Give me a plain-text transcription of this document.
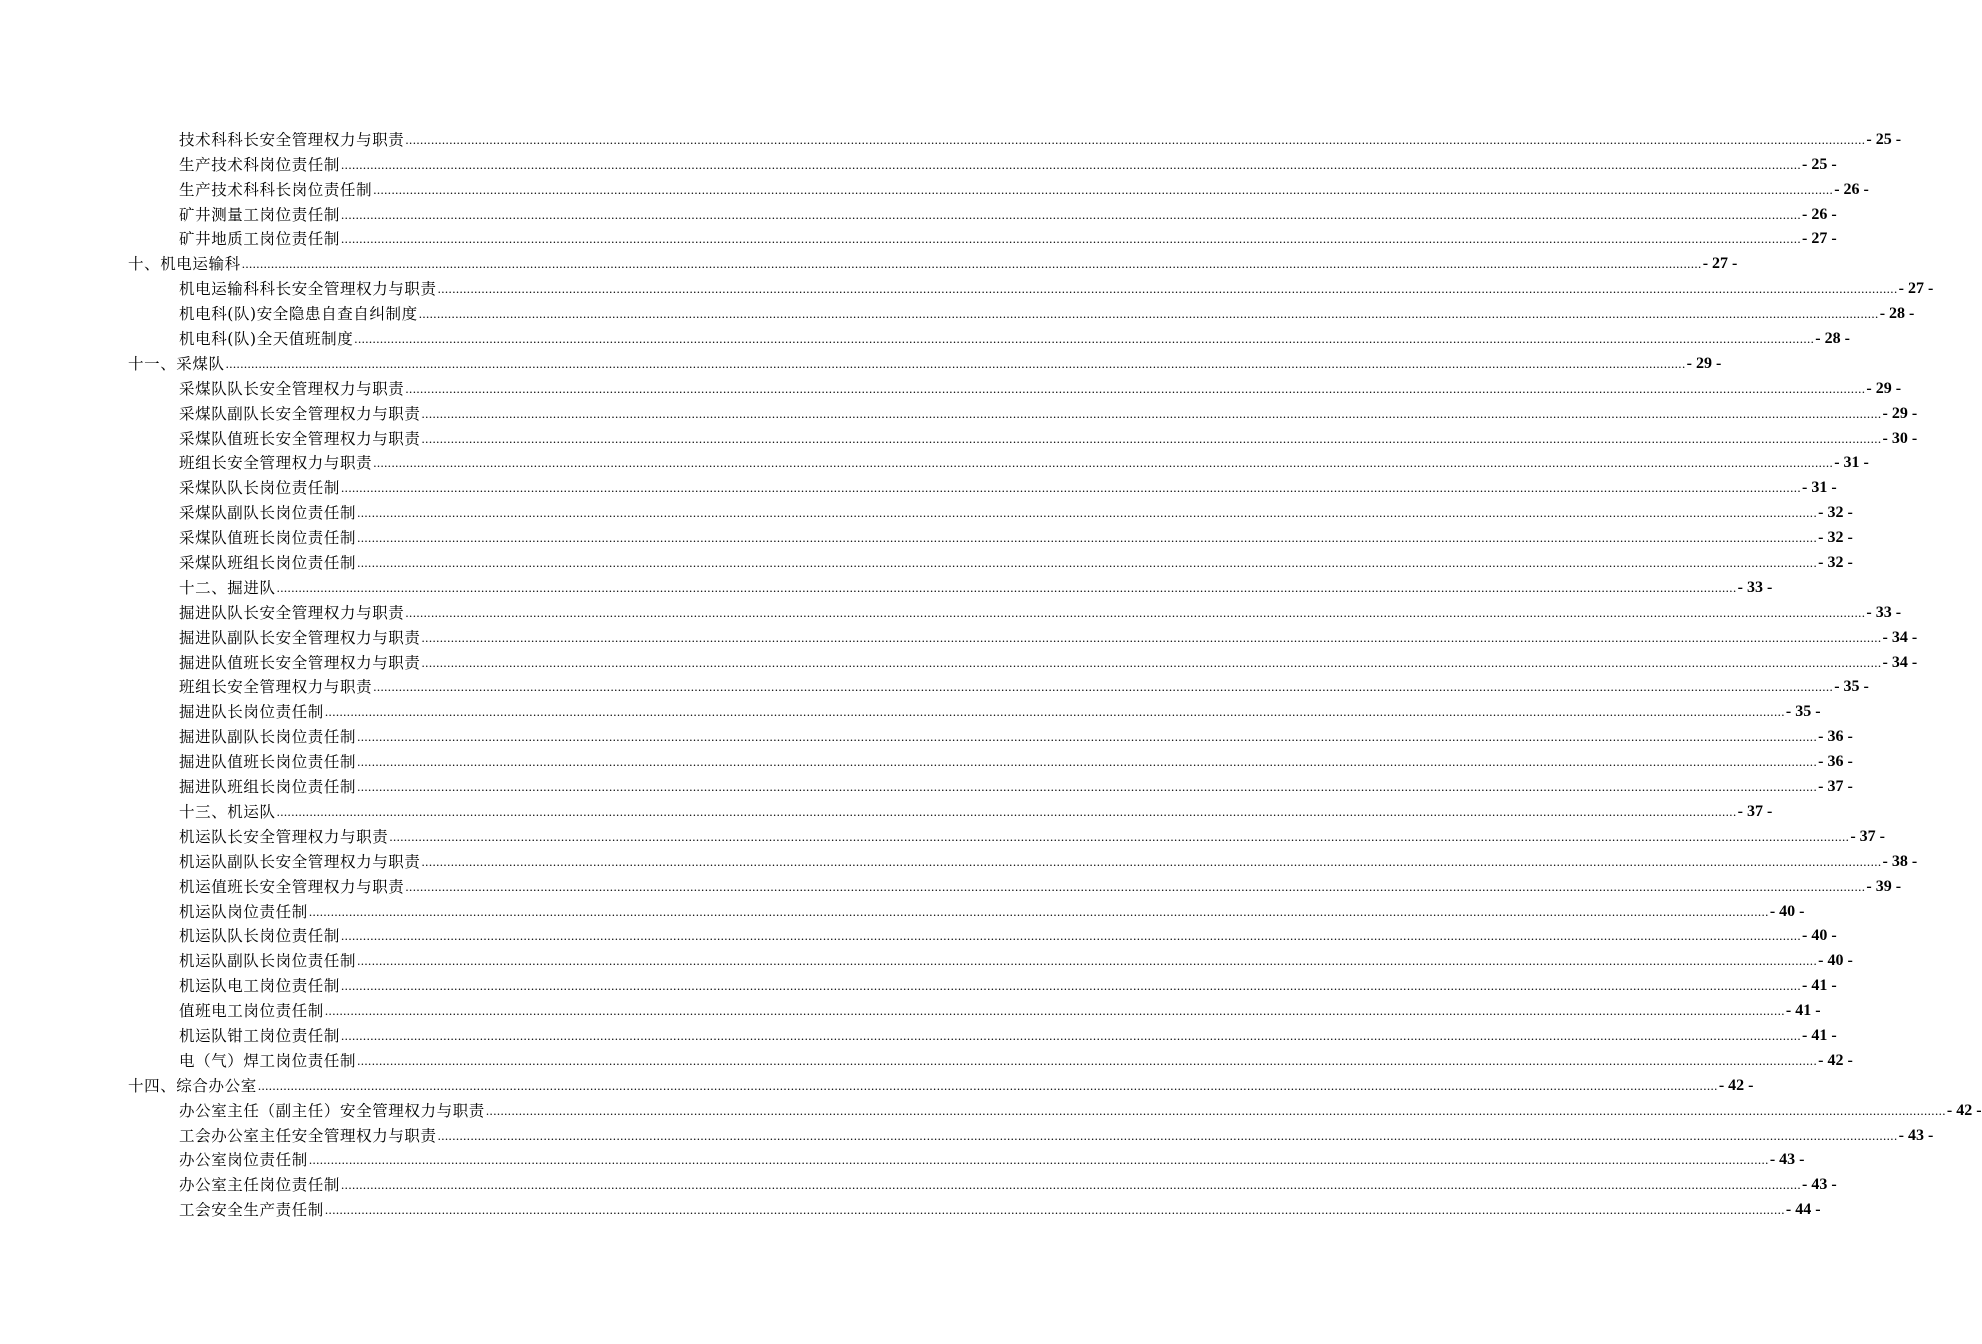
技术科科长安全管理权力与职责 ................................................................................................................................................................................................................................................................................................................................................................................................................ - 25 -
生产技术科岗位责任制 ................................................................................................................................................................................................................................................................................................................................................................................................................ - 25 -
生产技术科科长岗位责任制 ................................................................................................................................................................................................................................................................................................................................................................................................................ - 26 -
矿井测量工岗位责任制 ................................................................................................................................................................................................................................................................................................................................................................................................................ - 26 -
矿井地质工岗位责任制 ................................................................................................................................................................................................................................................................................................................................................................................................................ - 27 -
十、机电运输科 ................................................................................................................................................................................................................................................................................................................................................................................................................ - 27 -
机电运输科科长安全管理权力与职责 ................................................................................................................................................................................................................................................................................................................................................................................................................ - 27 -
机电科(队)安全隐患自查自纠制度 ................................................................................................................................................................................................................................................................................................................................................................................................................ - 28 -
机电科(队)全天值班制度 ................................................................................................................................................................................................................................................................................................................................................................................................................ - 28 -
十一、采煤队 ................................................................................................................................................................................................................................................................................................................................................................................................................ - 29 -
采煤队队长安全管理权力与职责 ................................................................................................................................................................................................................................................................................................................................................................................................................ - 29 -
采煤队副队长安全管理权力与职责 ................................................................................................................................................................................................................................................................................................................................................................................................................ - 29 -
采煤队值班长安全管理权力与职责 ................................................................................................................................................................................................................................................................................................................................................................................................................ - 30 -
班组长安全管理权力与职责 ................................................................................................................................................................................................................................................................................................................................................................................................................ - 31 -
采煤队队长岗位责任制 ................................................................................................................................................................................................................................................................................................................................................................................................................ - 31 -
采煤队副队长岗位责任制 ................................................................................................................................................................................................................................................................................................................................................................................................................ - 32 -
采煤队值班长岗位责任制 ................................................................................................................................................................................................................................................................................................................................................................................................................ - 32 -
采煤队班组长岗位责任制 ................................................................................................................................................................................................................................................................................................................................................................................................................ - 32 -
十二、掘进队 ................................................................................................................................................................................................................................................................................................................................................................................................................ - 33 -
掘进队队长安全管理权力与职责 ................................................................................................................................................................................................................................................................................................................................................................................................................ - 33 -
掘进队副队长安全管理权力与职责 ................................................................................................................................................................................................................................................................................................................................................................................................................ - 34 -
掘进队值班长安全管理权力与职责 ................................................................................................................................................................................................................................................................................................................................................................................................................ - 34 -
班组长安全管理权力与职责 ................................................................................................................................................................................................................................................................................................................................................................................................................ - 35 -
掘进队长岗位责任制 ................................................................................................................................................................................................................................................................................................................................................................................................................ - 35 -
掘进队副队长岗位责任制 ................................................................................................................................................................................................................................................................................................................................................................................................................ - 36 -
掘进队值班长岗位责任制 ................................................................................................................................................................................................................................................................................................................................................................................................................ - 36 -
掘进队班组长岗位责任制 ................................................................................................................................................................................................................................................................................................................................................................................................................ - 37 -
十三、机运队 ................................................................................................................................................................................................................................................................................................................................................................................................................ - 37 -
机运队长安全管理权力与职责 ................................................................................................................................................................................................................................................................................................................................................................................................................ - 37 -
机运队副队长安全管理权力与职责 ................................................................................................................................................................................................................................................................................................................................................................................................................ - 38 -
机运值班长安全管理权力与职责 ................................................................................................................................................................................................................................................................................................................................................................................................................ - 39 -
机运队岗位责任制 ................................................................................................................................................................................................................................................................................................................................................................................................................ - 40 -
机运队队长岗位责任制 ................................................................................................................................................................................................................................................................................................................................................................................................................ - 40 -
机运队副队长岗位责任制 ................................................................................................................................................................................................................................................................................................................................................................................................................ - 40 -
机运队电工岗位责任制 ................................................................................................................................................................................................................................................................................................................................................................................................................ - 41 -
值班电工岗位责任制 ................................................................................................................................................................................................................................................................................................................................................................................................................ - 41 -
机运队钳工岗位责任制 ................................................................................................................................................................................................................................................................................................................................................................................................................ - 41 -
电（气）焊工岗位责任制 ................................................................................................................................................................................................................................................................................................................................................................................................................ - 42 -
十四、综合办公室 ................................................................................................................................................................................................................................................................................................................................................................................................................ - 42 -
办公室主任（副主任）安全管理权力与职责 ................................................................................................................................................................................................................................................................................................................................................................................................................ - 42 -
工会办公室主任安全管理权力与职责 ................................................................................................................................................................................................................................................................................................................................................................................................................ - 43 -
办公室岗位责任制 ................................................................................................................................................................................................................................................................................................................................................................................................................ - 43 -
办公室主任岗位责任制 ................................................................................................................................................................................................................................................................................................................................................................................................................ - 43 -
工会安全生产责任制 ................................................................................................................................................................................................................................................................................................................................................................................................................ - 44 -
